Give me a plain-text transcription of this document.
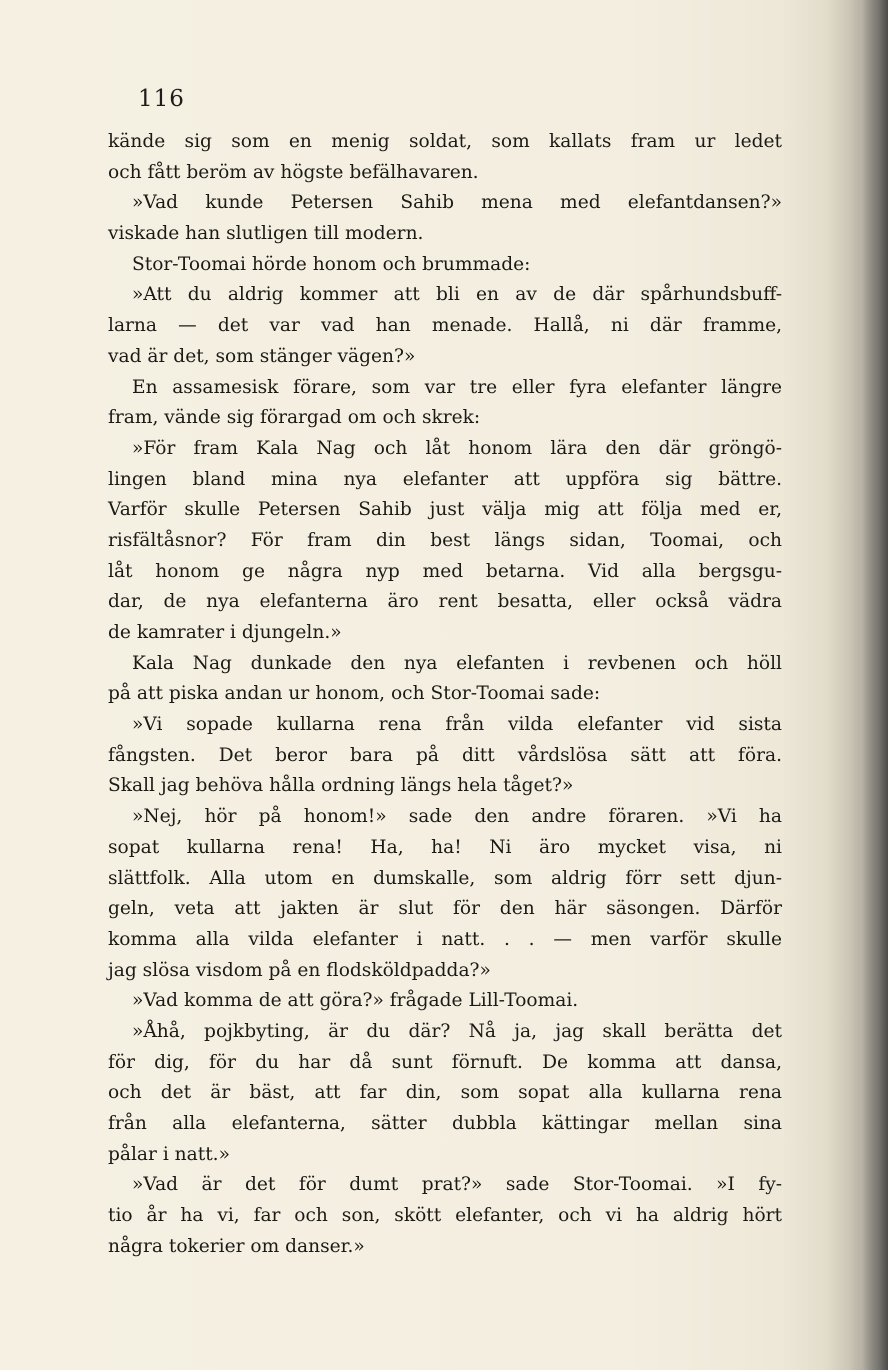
116
kände sig som en menig soldat, som kallats fram ur ledet
och fått beröm av högste befälhavaren.
»Vad kunde Petersen Sahib mena med elefantdansen?»
viskade han slutligen till modern.
Stor-Toomai hörde honom och brummade:
»Att du aldrig kommer att bli en av de där spårhundsbuff-
larna — det var vad han menade. Hallå, ni där framme,
vad är det, som stänger vägen?»
En assamesisk förare, som var tre eller fyra elefanter längre
fram, vände sig förargad om och skrek:
»För fram Kala Nag och låt honom lära den där gröngö-
lingen bland mina nya elefanter att uppföra sig bättre.
Varför skulle Petersen Sahib just välja mig att följa med er,
risfältåsnor? För fram din best längs sidan, Toomai, och
låt honom ge några nyp med betarna. Vid alla bergsgu-
dar, de nya elefanterna äro rent besatta, eller också vädra
de kamrater i djungeln.»
Kala Nag dunkade den nya elefanten i revbenen och höll
på att piska andan ur honom, och Stor-Toomai sade:
»Vi sopade kullarna rena från vilda elefanter vid sista
fångsten. Det beror bara på ditt vårdslösa sätt att föra.
Skall jag behöva hålla ordning längs hela tåget?»
»Nej, hör på honom!» sade den andre föraren. »Vi ha
sopat kullarna rena! Ha, ha! Ni äro mycket visa, ni
slättfolk. Alla utom en dumskalle, som aldrig förr sett djun-
geln, veta att jakten är slut för den här säsongen. Därför
komma alla vilda elefanter i natt. . . — men varför skulle
jag slösa visdom på en flodsköldpadda?»
»Vad komma de att göra?» frågade Lill-Toomai.
»Åhå, pojkbyting, är du där? Nå ja, jag skall berätta det
för dig, för du har då sunt förnuft. De komma att dansa,
och det är bäst, att far din, som sopat alla kullarna rena
från alla elefanterna, sätter dubbla kättingar mellan sina
pålar i natt.»
»Vad är det för dumt prat?» sade Stor-Toomai. »I fy-
tio år ha vi, far och son, skött elefanter, och vi ha aldrig hört
några tokerier om danser.»
